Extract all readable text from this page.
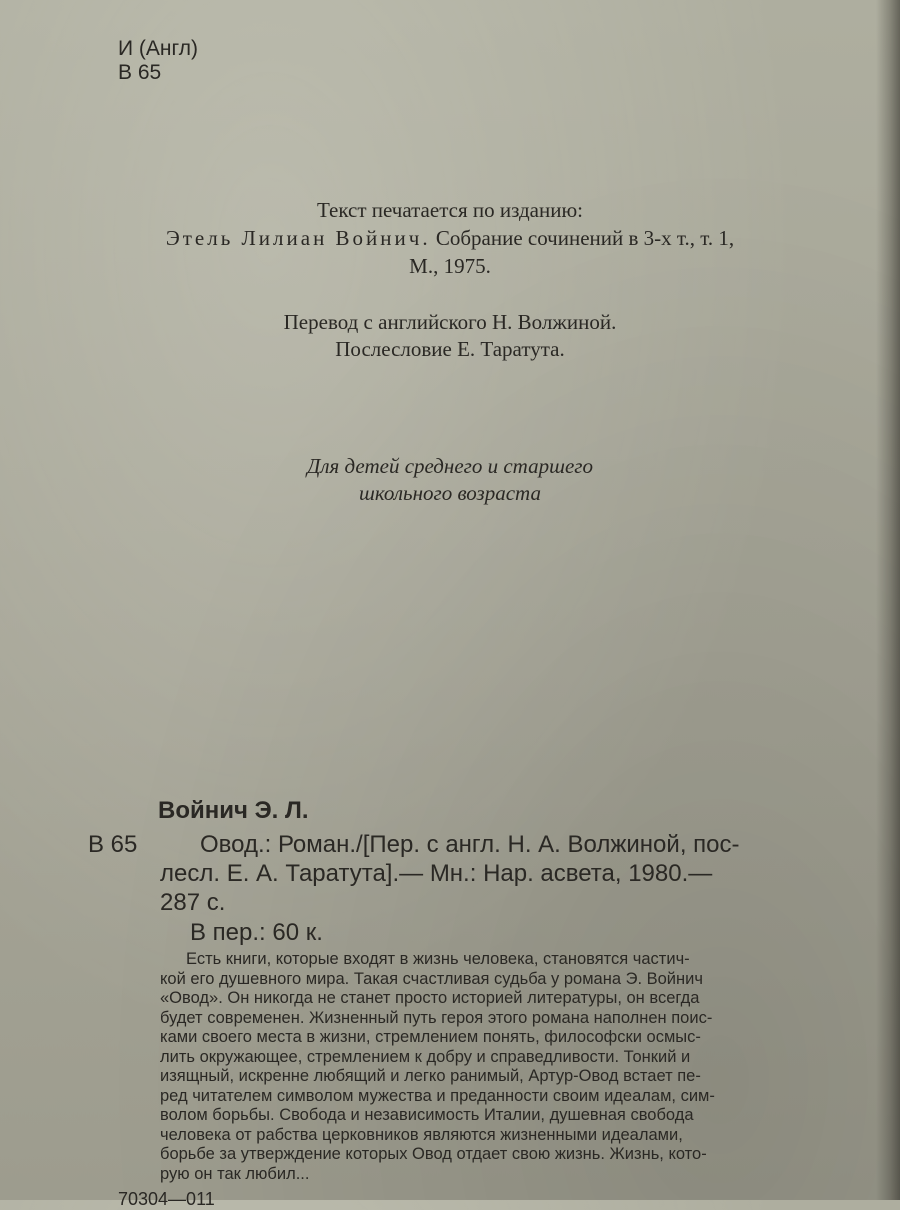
И (Англ)
В 65
Текст печатается по изданию:
Этель Лилиан Войнич. Собрание сочинений в 3-х т., т. 1,
М., 1975.
Перевод с английского Н. Волжиной.
Послесловие Е. Таратута.
Для детей среднего и старшего
школьного возраста
Войнич Э. Л.
В 65	Овод.: Роман./[Пер. с англ. Н. А. Волжиной, пос-
лесл. Е. А. Таратута].— Мн.: Нар. асвета, 1980.—
287 с.
В пер.: 60 к.
Есть книги, которые входят в жизнь человека, становятся частич-
кой его душевного мира. Такая счастливая судьба у романа Э. Войнич
«Овод». Он никогда не станет просто историей литературы, он всегда
будет современен. Жизненный путь героя этого романа наполнен поис-
ками своего места в жизни, стремлением понять, философски осмыс-
лить окружающее, стремлением к добру и справедливости. Тонкий и
изящный, искренне любящий и легко ранимый, Артур-Овод встает пе-
ред читателем символом мужества и преданности своим идеалам, сим-
волом борьбы. Свобода и независимость Италии, душевная свобода
человека от рабства церковников являются жизненными идеалами,
борьбе за утверждение которых Овод отдает свою жизнь. Жизнь, кото-
рую он так любил...
70304—011
